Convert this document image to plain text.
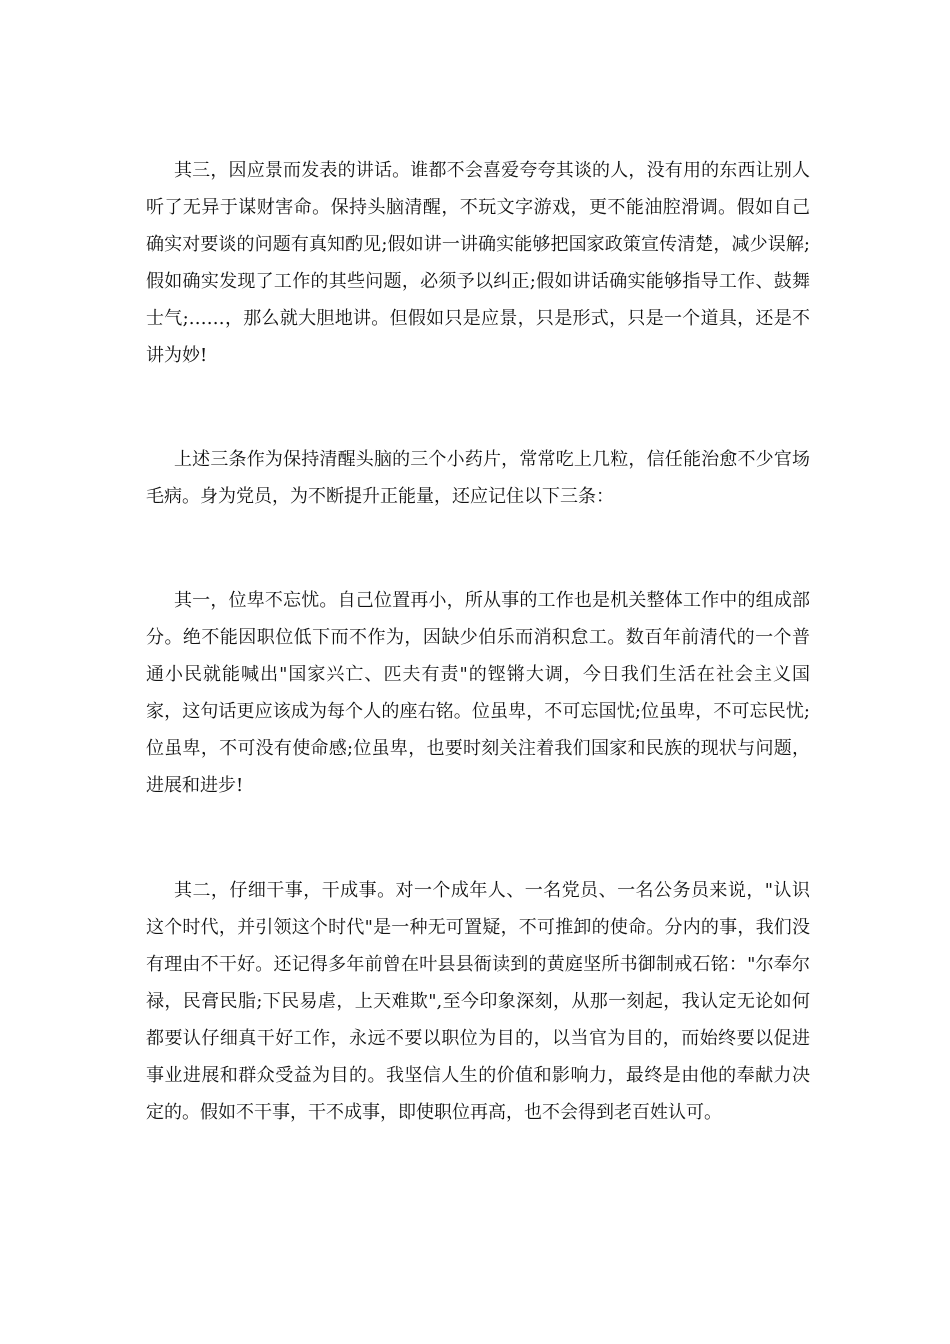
其三，因应景而发表的讲话。谁都不会喜爱夸夸其谈的人，没有用的东西让别人听了无异于谋财害命。保持头脑清醒，不玩文字游戏，更不能油腔滑调。假如自己确实对要谈的问题有真知酌见;假如讲一讲确实能够把国家政策宣传清楚，减少误解;假如确实发现了工作的其些问题，必须予以纠正;假如讲话确实能够指导工作、鼓舞士气;……，那么就大胆地讲。但假如只是应景，只是形式，只是一个道具，还是不讲为妙!

上述三条作为保持清醒头脑的三个小药片，常常吃上几粒，信任能治愈不少官场毛病。身为党员，为不断提升正能量，还应记住以下三条：

其一，位卑不忘忧。自己位置再小，所从事的工作也是机关整体工作中的组成部分。绝不能因职位低下而不作为，因缺少伯乐而消积怠工。数百年前清代的一个普通小民就能喊出"国家兴亡、匹夫有责"的铿锵大调，今日我们生活在社会主义国家，这句话更应该成为每个人的座右铭。位虽卑，不可忘国忧;位虽卑，不可忘民忧;位虽卑，不可没有使命感;位虽卑，也要时刻关注着我们国家和民族的现状与问题，进展和进步!

其二，仔细干事，干成事。对一个成年人、一名党员、一名公务员来说，"认识这个时代，并引领这个时代"是一种无可置疑，不可推卸的使命。分内的事，我们没有理由不干好。还记得多年前曾在叶县县衙读到的黄庭坚所书御制戒石铭："尔奉尔禄，民膏民脂;下民易虐，上天难欺",至今印象深刻，从那一刻起，我认定无论如何都要认仔细真干好工作，永远不要以职位为目的，以当官为目的，而始终要以促进事业进展和群众受益为目的。我坚信人生的价值和影响力，最终是由他的奉献力决定的。假如不干事，干不成事，即使职位再高，也不会得到老百姓认可。
